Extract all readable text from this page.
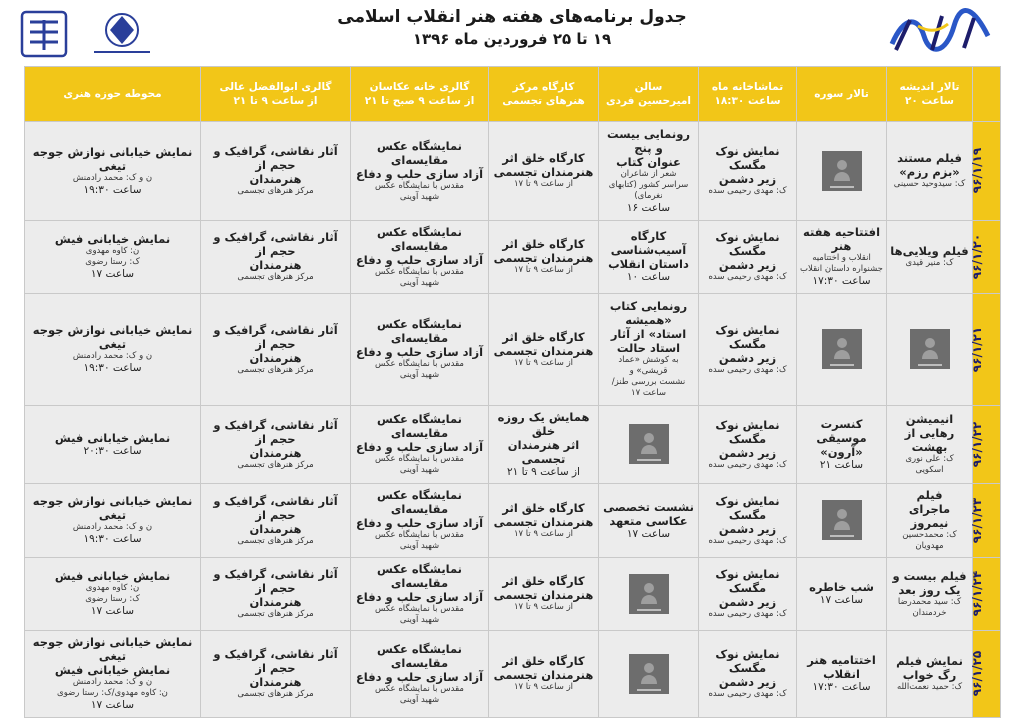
جدول برنامه‌های هفته هنر انقلاب اسلامی
۱۹ تا ۲۵ فروردین ماه ۱۳۹۶
	تالار اندیشه
ساعت ۲۰	تالار سوره	تماشاخانه ماه
ساعت ۱۸:۳۰	سالن
امیرحسین فردی	کارگاه مرکز
هنرهای تجسمی	گالری خانه عکاسان
از ساعت ۹ صبح تا ۲۱	گالری ابوالفضل عالی
از ساعت ۹ تا ۲۱	محوطه حوزه هنری

۹۶/۱/۱۹	فیلم مستند
«بزم رزم»
ک: سیدوحید حسینی		نمایش نوک مگسک
زیر دشمن
ک: مهدی رحیمی سده	رونمایی بیست و پنج
عنوان کتاب
شعر از شاعران
سراسر کشور (کتابهای نغرمای)
ساعت ۱۶	کارگاه خلق اثر
هنرمندان تجسمی
از ساعت ۹ تا ۱۷	نمایشگاه عکس مقایسه‌ای
آزاد سازی حلب و دفاع
مقدس با نمایشگاه عکس
شهید آوینی	آثار نقاشی، گرافیک و حجم از
هنرمندان
مرکز هنرهای تجسمی	نمایش خیابانی نوازش جوجه تیغی
ن و ک: محمد رادمنش
ساعت ۱۹:۳۰

۹۶/۱/۲۰	فیلم ویلایی‌ها
ک: منیر قیدی	افتتاحیه هفته هنر
انقلاب و اختتامیه
جشنواره داستان انقلاب
ساعت ۱۷:۳۰	نمایش نوک مگسک
زیر دشمن
ک: مهدی رحیمی سده	کارگاه آسیب‌شناسی
داستان انقلاب
ساعت ۱۰	کارگاه خلق اثر
هنرمندان تجسمی
از ساعت ۹ تا ۱۷	نمایشگاه عکس مقایسه‌ای
آزاد سازی حلب و دفاع
مقدس با نمایشگاه عکس
شهید آوینی	آثار نقاشی، گرافیک و حجم از
هنرمندان
مرکز هنرهای تجسمی	نمایش خیابانی فیش
ن: کاوه مهدوی
ک: رستا رضوی
ساعت ۱۷

۹۶/۱/۲۱			نمایش نوک مگسک
زیر دشمن
ک: مهدی رحیمی سده	رونمایی کتاب «همیشه
استاد» از آثار استاد حالت
به کوشش «عماد قریشی» و
نشست بررسی طنز/ساعت ۱۷	کارگاه خلق اثر
هنرمندان تجسمی
از ساعت ۹ تا ۱۷	نمایشگاه عکس مقایسه‌ای
آزاد سازی حلب و دفاع
مقدس با نمایشگاه عکس
شهید آوینی	آثار نقاشی، گرافیک و حجم از
هنرمندان
مرکز هنرهای تجسمی	نمایش خیابانی نوازش جوجه تیغی
ن و ک: محمد رادمنش
ساعت ۱۹:۳۰

۹۶/۱/۲۲	انیمیشن
رهایی از بهشت
ک: علی نوری اسکویی	کنسرت موسیقی
«آرون»
ساعت ۲۱	نمایش نوک مگسک
زیر دشمن
ک: مهدی رحیمی سده		همایش یک روزه خلق
اثر هنرمندان تجسمی
از ساعت ۹ تا ۲۱	نمایشگاه عکس مقایسه‌ای
آزاد سازی حلب و دفاع
مقدس با نمایشگاه عکس
شهید آوینی	آثار نقاشی، گرافیک و حجم از
هنرمندان
مرکز هنرهای تجسمی	نمایش خیابانی فیش
ساعت ۲۰:۳۰

۹۶/۱/۲۳	فیلم
ماجرای نیمروز
ک: محمدحسین
مهدویان		نمایش نوک مگسک
زیر دشمن
ک: مهدی رحیمی سده	نشست تخصصی
عکاسی متعهد
ساعت ۱۷	کارگاه خلق اثر
هنرمندان تجسمی
از ساعت ۹ تا ۱۷	نمایشگاه عکس مقایسه‌ای
آزاد سازی حلب و دفاع
مقدس با نمایشگاه عکس
شهید آوینی	آثار نقاشی، گرافیک و حجم از
هنرمندان
مرکز هنرهای تجسمی	نمایش خیابانی نوازش جوجه تیغی
ن و ک: محمد رادمنش
ساعت ۱۹:۳۰

۹۶/۱/۲۴	فیلم بیست و
یک روز بعد
ک: سید محمدرضا
خردمندان	شب خاطره
ساعت ۱۷	نمایش نوک مگسک
زیر دشمن
ک: مهدی رحیمی سده		کارگاه خلق اثر
هنرمندان تجسمی
از ساعت ۹ تا ۱۷	نمایشگاه عکس مقایسه‌ای
آزاد سازی حلب و دفاع
مقدس با نمایشگاه عکس
شهید آوینی	آثار نقاشی، گرافیک و حجم از
هنرمندان
مرکز هنرهای تجسمی	نمایش خیابانی فیش
ن: کاوه مهدوی
ک: رستا رضوی
ساعت ۱۷

۹۶/۱/۲۵	نمایش فیلم
رگ خواب
ک: حمید نعمت‌الله	اختتامیه هنر
انقلاب
ساعت ۱۷:۳۰	نمایش نوک مگسک
زیر دشمن
ک: مهدی رحیمی سده		کارگاه خلق اثر
هنرمندان تجسمی
از ساعت ۹ تا ۱۷	نمایشگاه عکس مقایسه‌ای
آزاد سازی حلب و دفاع
مقدس با نمایشگاه عکس
شهید آوینی	آثار نقاشی، گرافیک و حجم از
هنرمندان
مرکز هنرهای تجسمی	نمایش خیابانی نوازش جوجه تیغی
نمایش خیابانی فیش
ن و ک: محمد رادمنش
ن: کاوه مهدوی/ک: رستا رضوی
ساعت ۱۷
